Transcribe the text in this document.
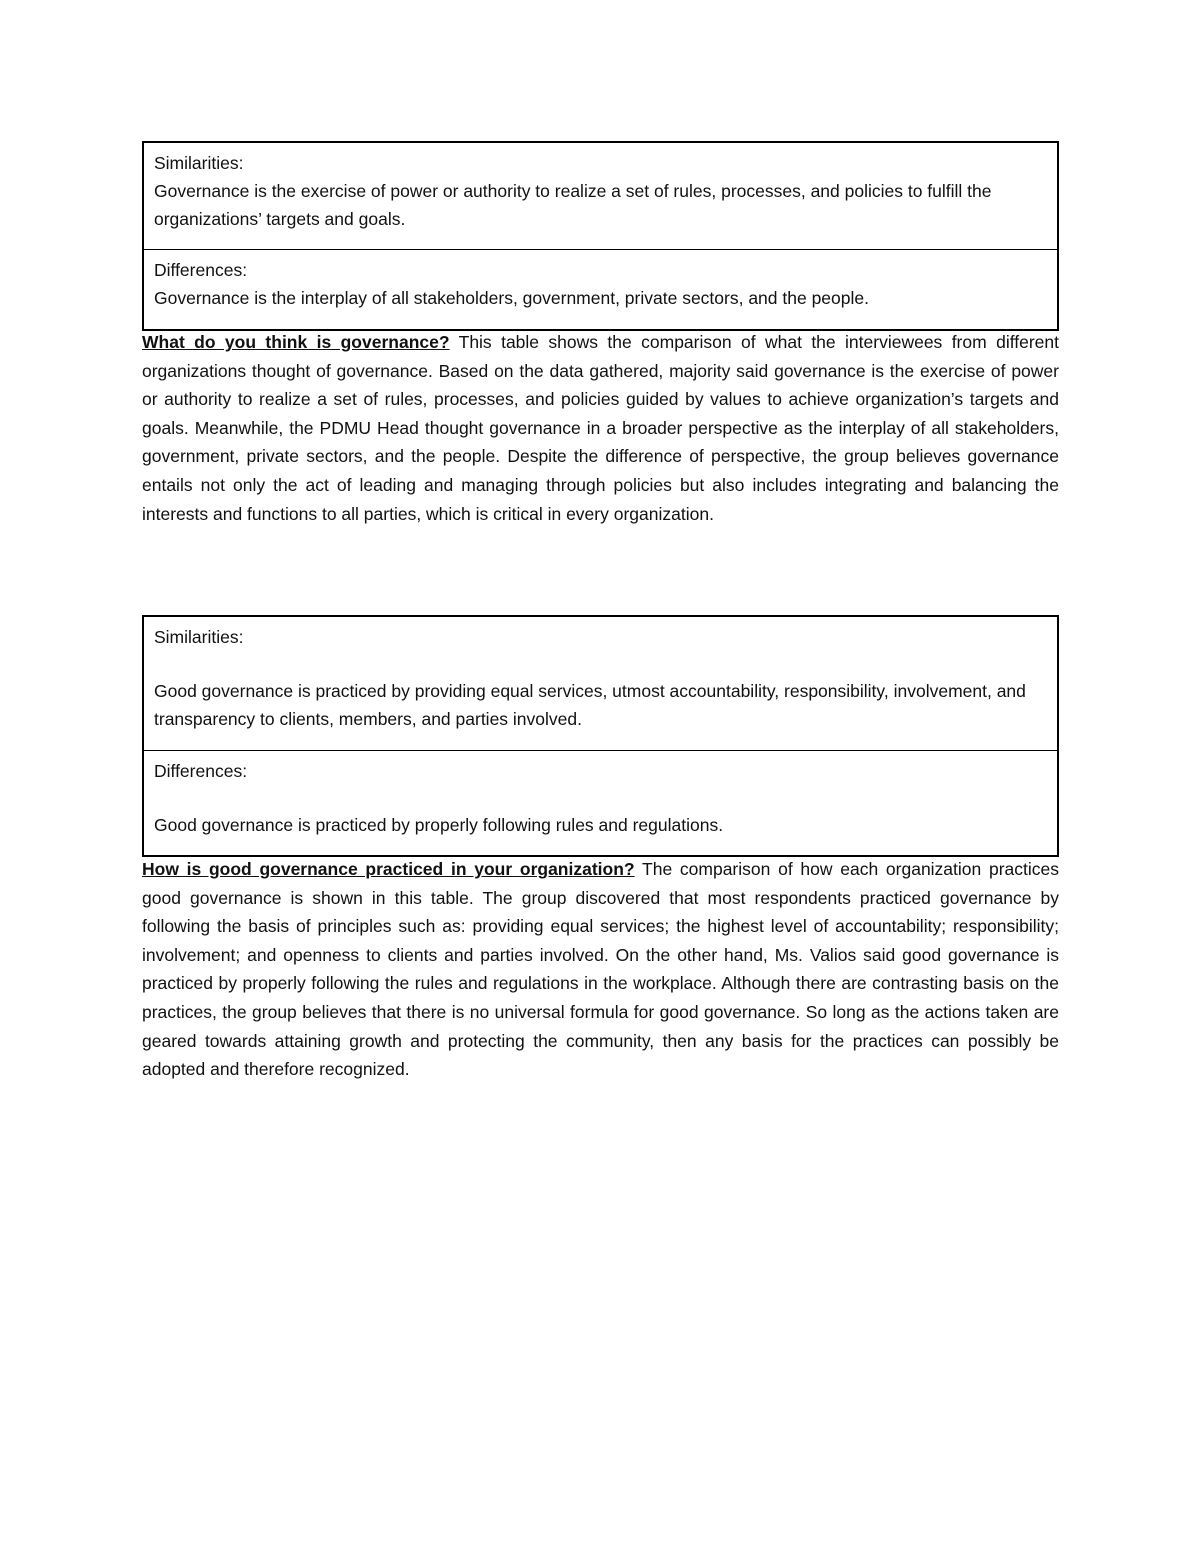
Similarities:
Governance is the exercise of power or authority to realize a set of rules, processes, and policies to fulfill the organizations’ targets and goals.
Differences:
Governance is the interplay of all stakeholders, government, private sectors, and the people.

What do you think is governance? This table shows the comparison of what the interviewees from different organizations thought of governance. Based on the data gathered, majority said governance is the exercise of power or authority to realize a set of rules, processes, and policies guided by values to achieve organization’s targets and goals. Meanwhile, the PDMU Head thought governance in a broader perspective as the interplay of all stakeholders, government, private sectors, and the people. Despite the difference of perspective, the group believes governance entails not only the act of leading and managing through policies but also includes integrating and balancing the interests and functions to all parties, which is critical in every organization.

Similarities:
Good governance is practiced by providing equal services, utmost accountability, responsibility, involvement, and transparency to clients, members, and parties involved.
Differences:
Good governance is practiced by properly following rules and regulations.

How is good governance practiced in your organization? The comparison of how each organization practices good governance is shown in this table. The group discovered that most respondents practiced governance by following the basis of principles such as: providing equal services; the highest level of accountability; responsibility; involvement; and openness to clients and parties involved. On the other hand, Ms. Valios said good governance is practiced by properly following the rules and regulations in the workplace. Although there are contrasting basis on the practices, the group believes that there is no universal formula for good governance. So long as the actions taken are geared towards attaining growth and protecting the community, then any basis for the practices can possibly be adopted and therefore recognized.
